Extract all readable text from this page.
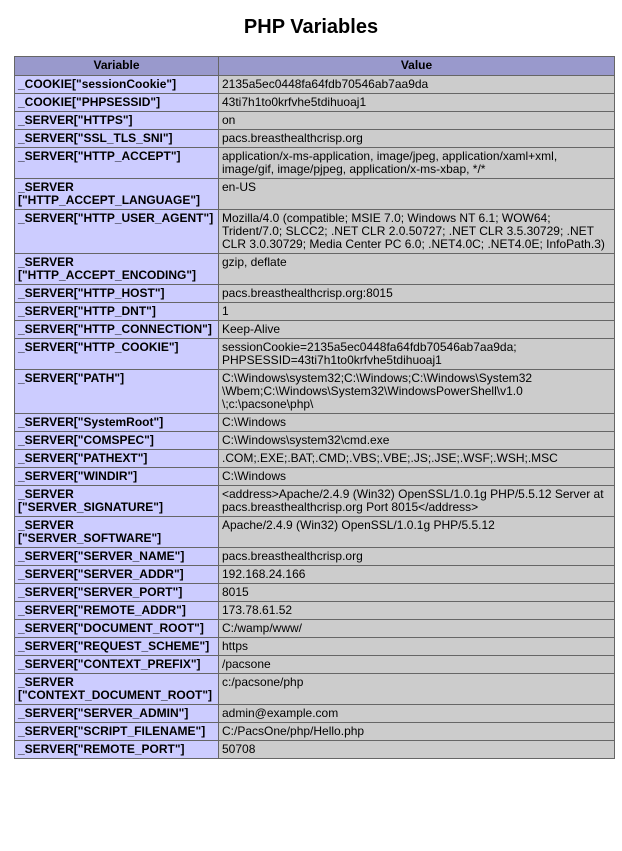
PHP Variables
Variable	Value
_COOKIE["sessionCookie"]	2135a5ec0448fa64fdb70546ab7aa9da
_COOKIE["PHPSESSID"]	43ti7h1to0krfvhe5tdihuoaj1
_SERVER["HTTPS"]	on
_SERVER["SSL_TLS_SNI"]	pacs.breasthealthcrisp.org
_SERVER["HTTP_ACCEPT"]	application/x-ms-application, image/jpeg, application/xaml+xml, image/gif, image/pjpeg, application/x-ms-xbap, */*
_SERVER ["HTTP_ACCEPT_LANGUAGE"]	en-US
_SERVER["HTTP_USER_AGENT"]	Mozilla/4.0 (compatible; MSIE 7.0; Windows NT 6.1; WOW64; Trident/7.0; SLCC2; .NET CLR 2.0.50727; .NET CLR 3.5.30729; .NET CLR 3.0.30729; Media Center PC 6.0; .NET4.0C; .NET4.0E; InfoPath.3)
_SERVER ["HTTP_ACCEPT_ENCODING"]	gzip, deflate
_SERVER["HTTP_HOST"]	pacs.breasthealthcrisp.org:8015
_SERVER["HTTP_DNT"]	1
_SERVER["HTTP_CONNECTION"]	Keep-Alive
_SERVER["HTTP_COOKIE"]	sessionCookie=2135a5ec0448fa64fdb70546ab7aa9da; PHPSESSID=43ti7h1to0krfvhe5tdihuoaj1
_SERVER["PATH"]	C:\Windows\system32;C:\Windows;C:\Windows\System32 \Wbem;C:\Windows\System32\WindowsPowerShell\v1.0 \;c:\pacsone\php\
_SERVER["SystemRoot"]	C:\Windows
_SERVER["COMSPEC"]	C:\Windows\system32\cmd.exe
_SERVER["PATHEXT"]	.COM;.EXE;.BAT;.CMD;.VBS;.VBE;.JS;.JSE;.WSF;.WSH;.MSC
_SERVER["WINDIR"]	C:\Windows
_SERVER ["SERVER_SIGNATURE"]	<address>Apache/2.4.9 (Win32) OpenSSL/1.0.1g PHP/5.5.12 Server at pacs.breasthealthcrisp.org Port 8015</address>
_SERVER ["SERVER_SOFTWARE"]	Apache/2.4.9 (Win32) OpenSSL/1.0.1g PHP/5.5.12
_SERVER["SERVER_NAME"]	pacs.breasthealthcrisp.org
_SERVER["SERVER_ADDR"]	192.168.24.166
_SERVER["SERVER_PORT"]	8015
_SERVER["REMOTE_ADDR"]	173.78.61.52
_SERVER["DOCUMENT_ROOT"]	C:/wamp/www/
_SERVER["REQUEST_SCHEME"]	https
_SERVER["CONTEXT_PREFIX"]	/pacsone
_SERVER ["CONTEXT_DOCUMENT_ROOT"]	c:/pacsone/php
_SERVER["SERVER_ADMIN"]	admin@example.com
_SERVER["SCRIPT_FILENAME"]	C:/PacsOne/php/Hello.php
_SERVER["REMOTE_PORT"]	50708
